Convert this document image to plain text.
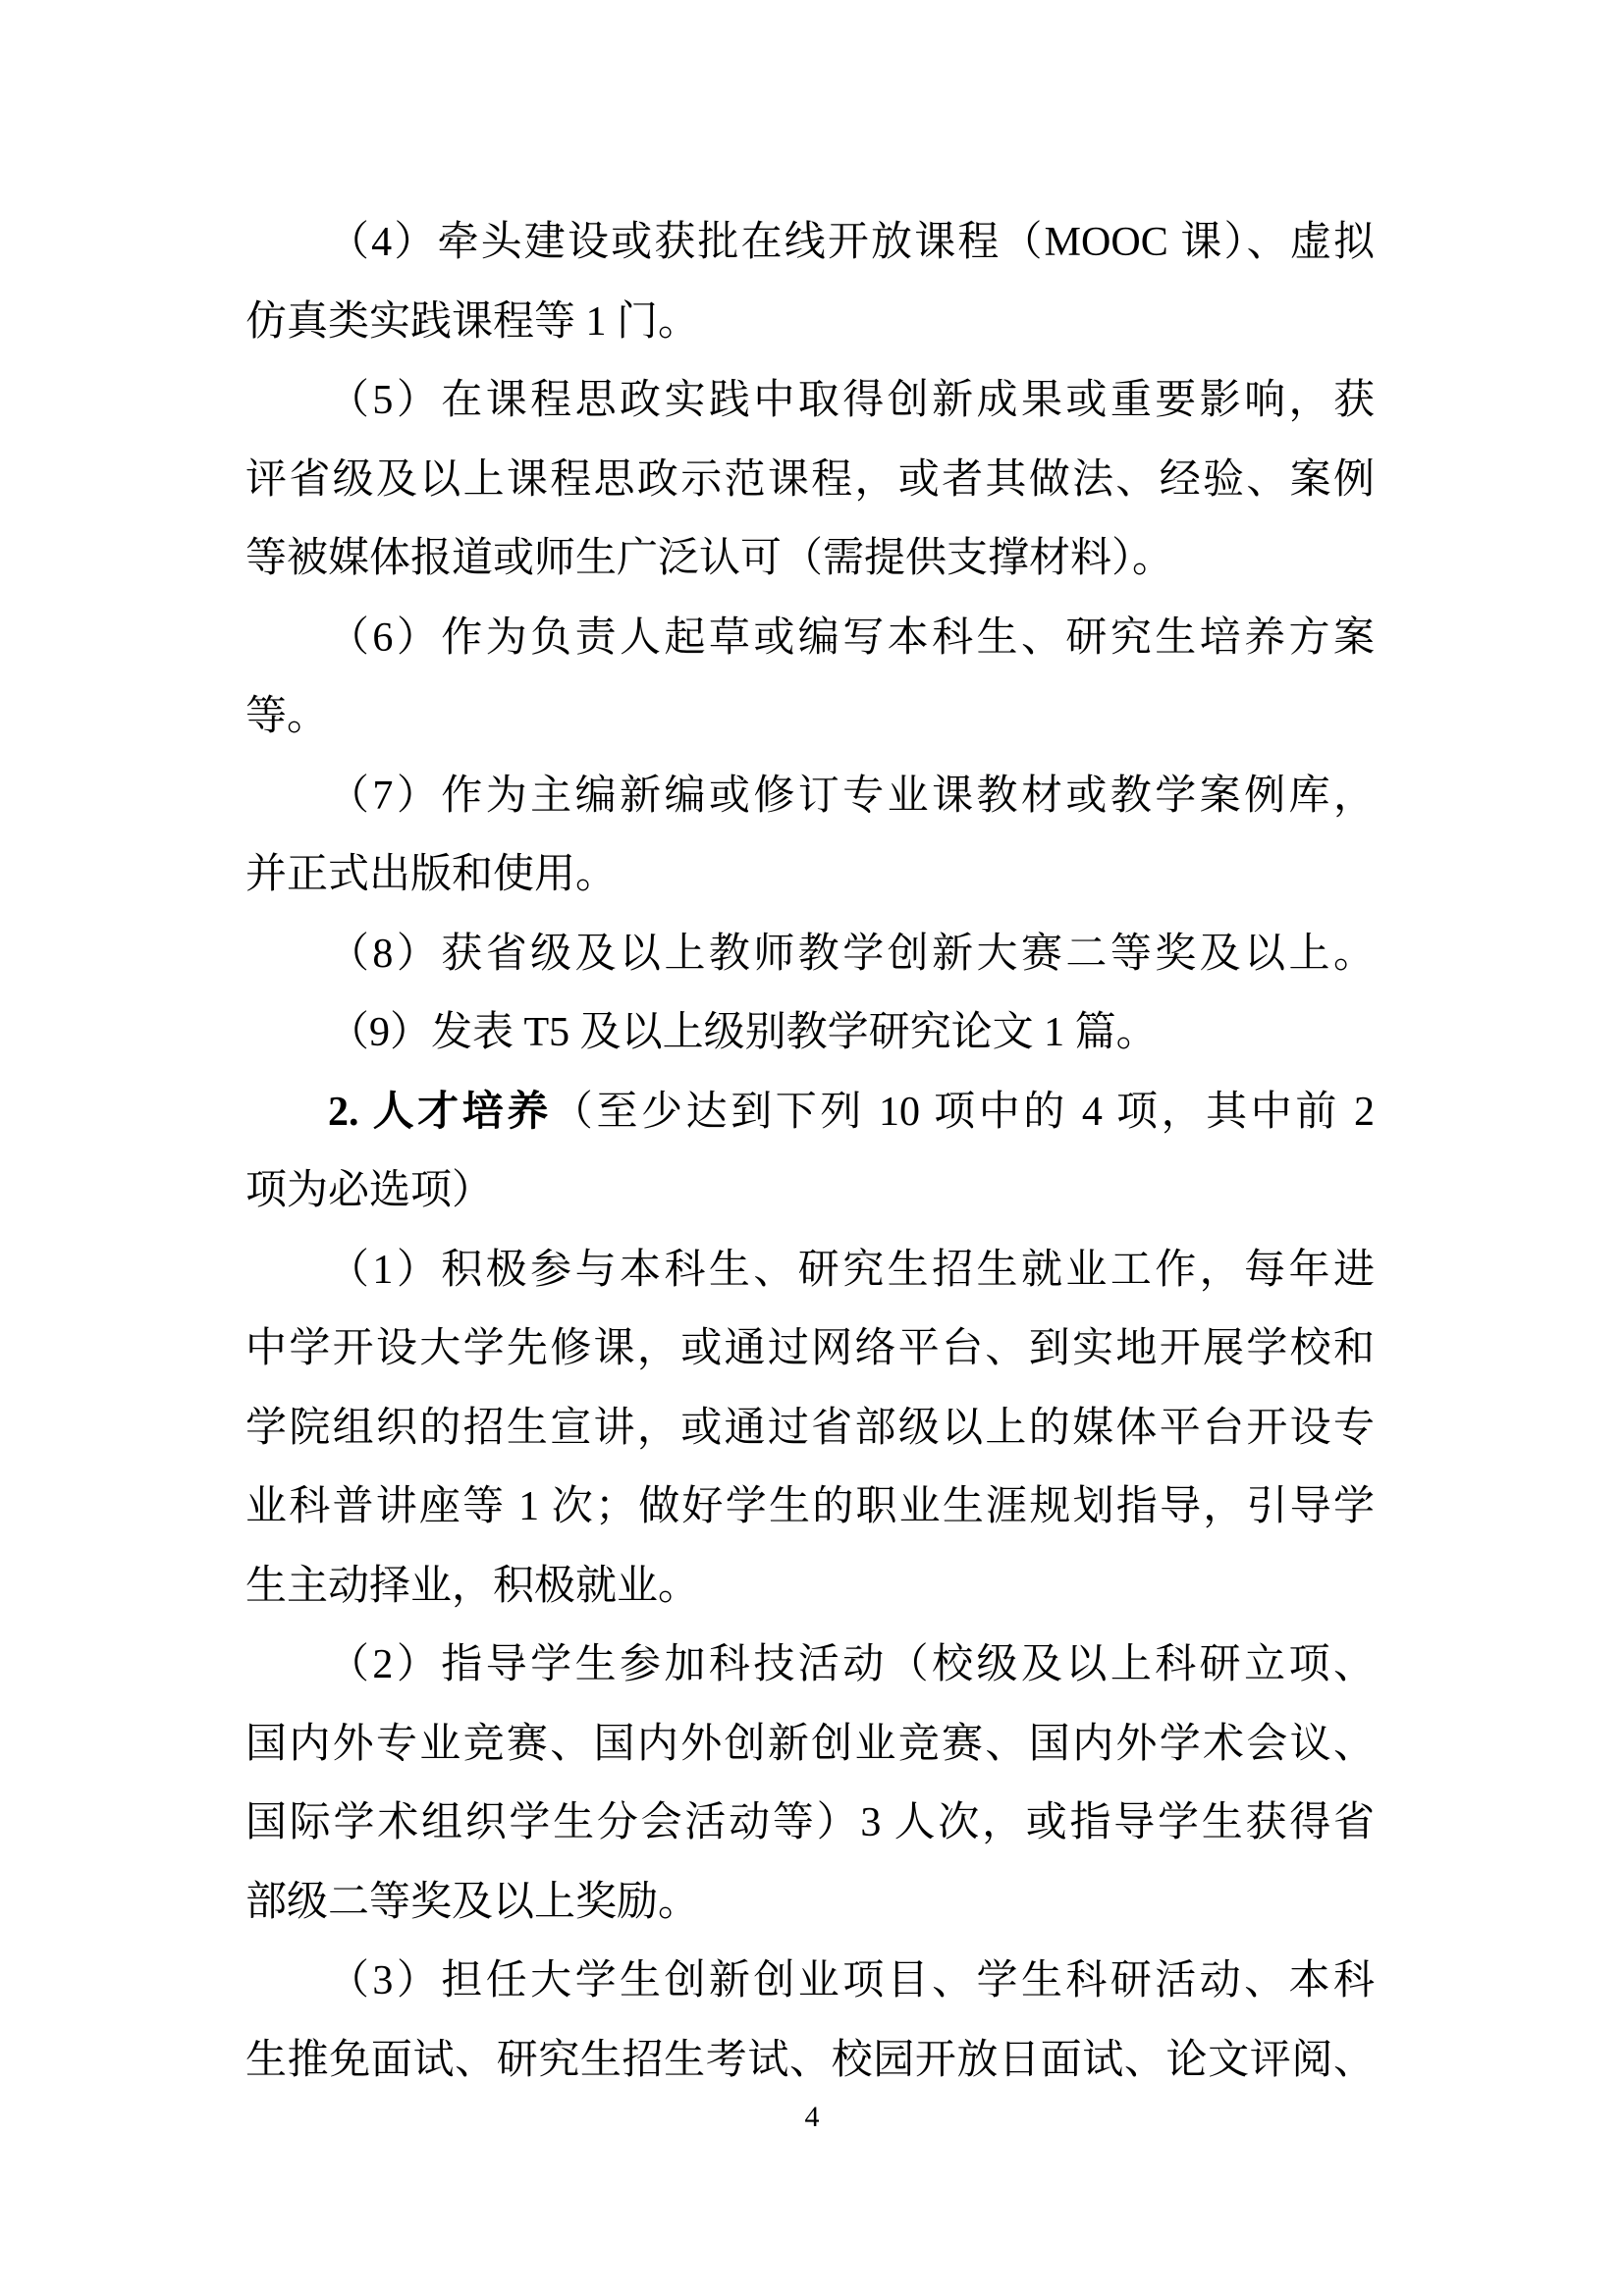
（4）牵头建设或获批在线开放课程（MOOC 课）、虚拟
仿真类实践课程等 1 门。
（5）在课程思政实践中取得创新成果或重要影响，获
评省级及以上课程思政示范课程，或者其做法、经验、案例
等被媒体报道或师生广泛认可（需提供支撑材料）。
（6）作为负责人起草或编写本科生、研究生培养方案
等。
（7）作为主编新编或修订专业课教材或教学案例库，
并正式出版和使用。
（8）获省级及以上教师教学创新大赛二等奖及以上。
（9）发表 T5 及以上级别教学研究论文 1 篇。
2. 人才培养（至少达到下列 10 项中的 4 项，其中前 2
项为必选项）
（1）积极参与本科生、研究生招生就业工作，每年进
中学开设大学先修课，或通过网络平台、到实地开展学校和
学院组织的招生宣讲，或通过省部级以上的媒体平台开设专
业科普讲座等 1 次；做好学生的职业生涯规划指导，引导学
生主动择业，积极就业。
（2）指导学生参加科技活动（校级及以上科研立项、
国内外专业竞赛、国内外创新创业竞赛、国内外学术会议、
国际学术组织学生分会活动等）3 人次，或指导学生获得省
部级二等奖及以上奖励。
（3）担任大学生创新创业项目、学生科研活动、本科
生推免面试、研究生招生考试、校园开放日面试、论文评阅、
4
